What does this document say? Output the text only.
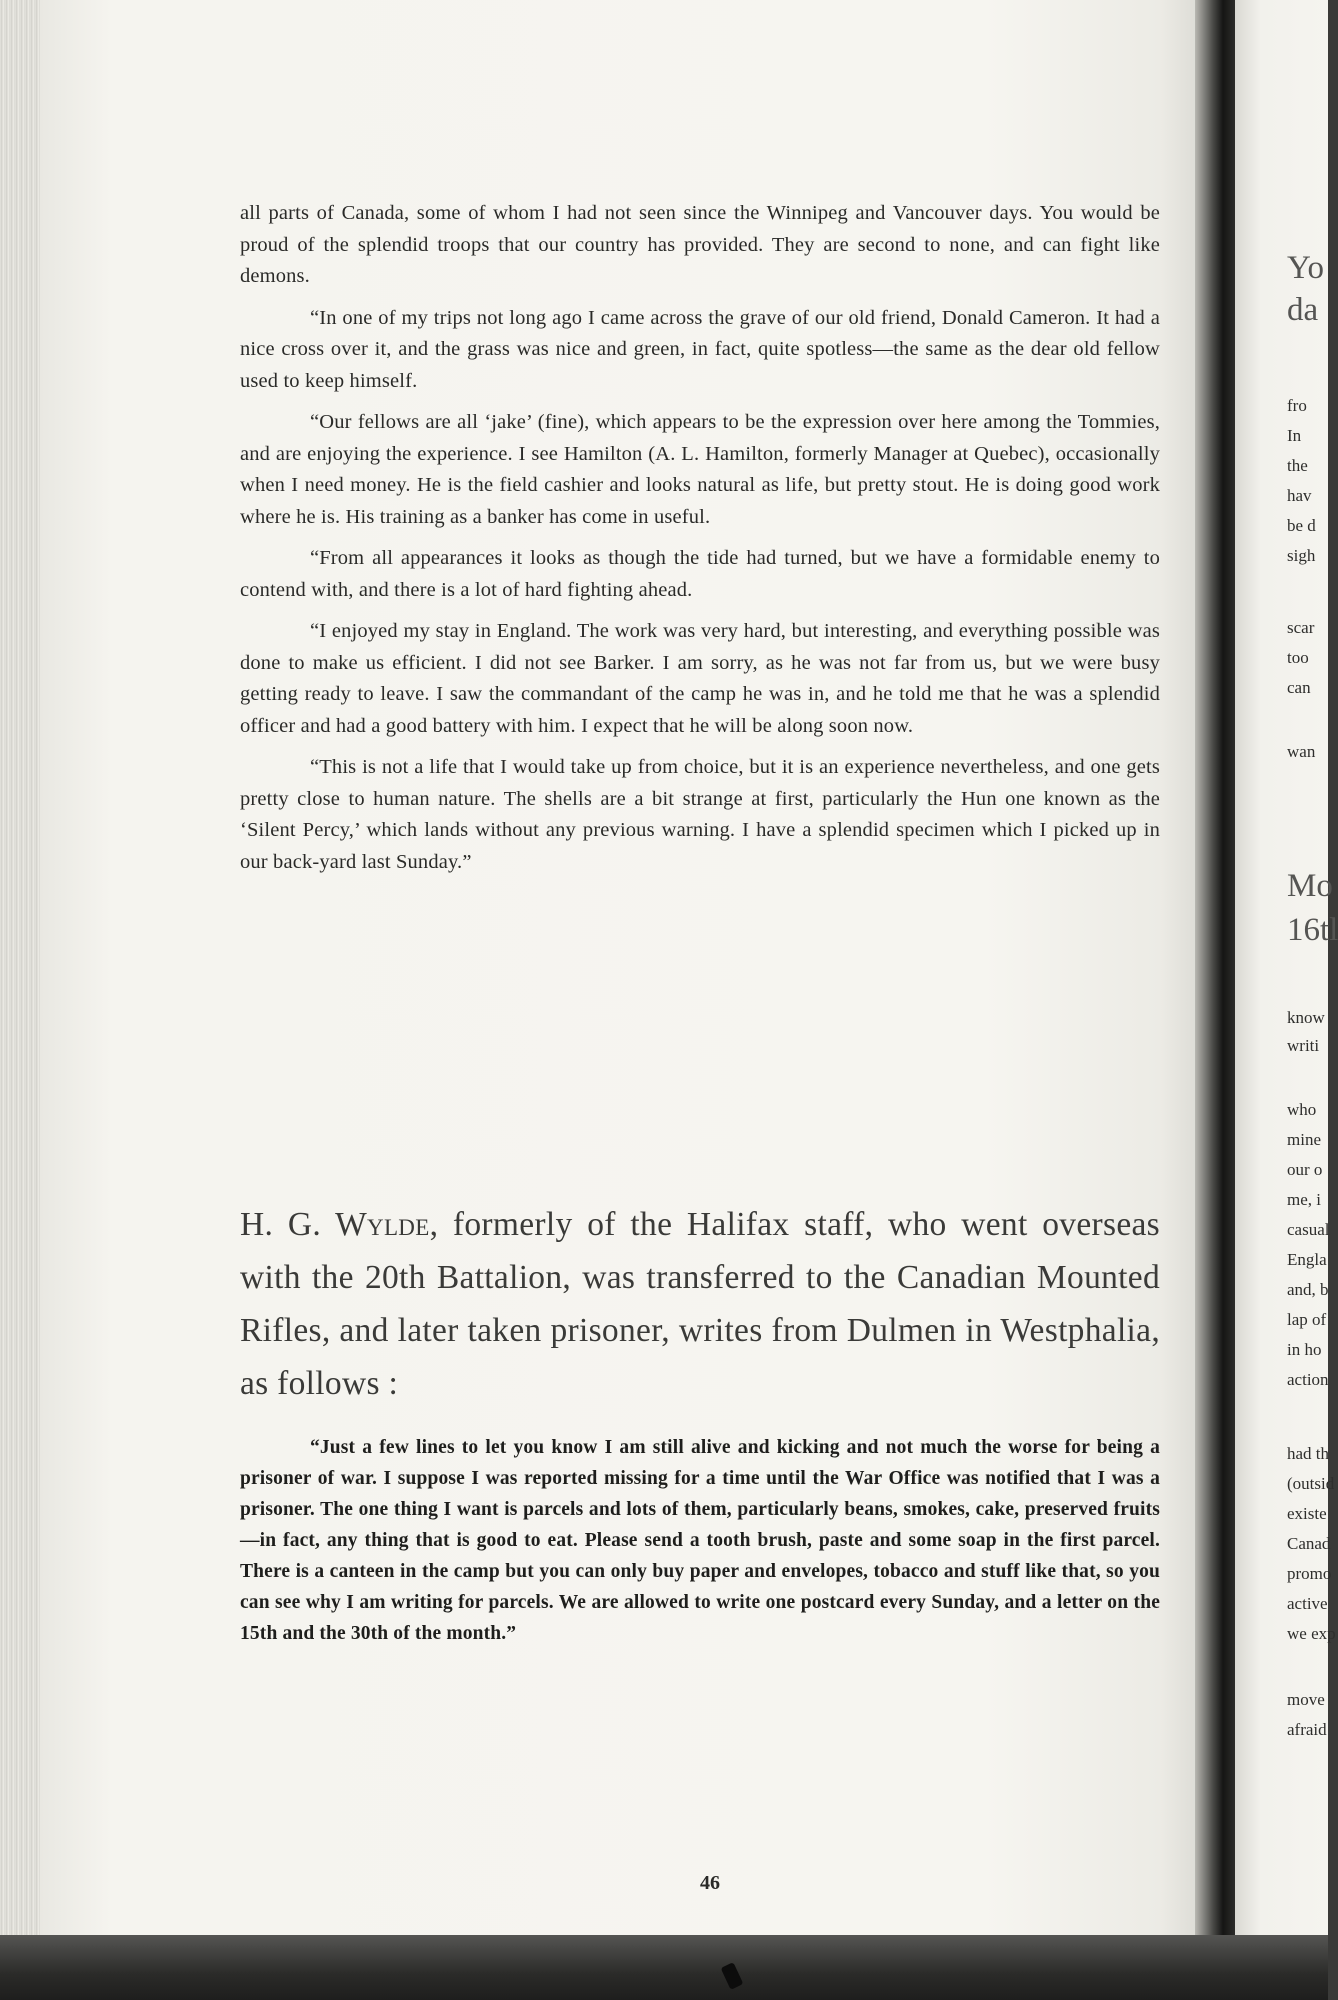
all parts of Canada, some of whom I had not seen since the Winnipeg and Vancouver days. You would be proud of the splendid troops that our country has provided. They are second to none, and can fight like demons.

“In one of my trips not long ago I came across the grave of our old friend, Donald Cameron. It had a nice cross over it, and the grass was nice and green, in fact, quite spotless—the same as the dear old fellow used to keep himself.

“Our fellows are all ‘jake’ (fine), which appears to be the expression over here among the Tommies, and are enjoying the experience. I see Hamilton (A. L. Hamilton, formerly Manager at Quebec), occasionally when I need money. He is the field cashier and looks natural as life, but pretty stout. He is doing good work where he is. His training as a banker has come in useful.

“From all appearances it looks as though the tide had turned, but we have a formidable enemy to contend with, and there is a lot of hard fighting ahead.

“I enjoyed my stay in England. The work was very hard, but interesting, and everything possible was done to make us efficient. I did not see Barker. I am sorry, as he was not far from us, but we were busy getting ready to leave. I saw the commandant of the camp he was in, and he told me that he was a splendid officer and had a good battery with him. I expect that he will be along soon now.

“This is not a life that I would take up from choice, but it is an experience nevertheless, and one gets pretty close to human nature. The shells are a bit strange at first, particularly the Hun one known as the ‘Silent Percy,’ which lands without any previous warning. I have a splendid specimen which I picked up in our back-yard last Sunday.”

H. G. Wylde, formerly of the Halifax staff, who went overseas with the 20th Battalion, was transferred to the Canadian Mounted Rifles, and later taken prisoner, writes from Dulmen in Westphalia, as follows :

“Just a few lines to let you know I am still alive and kicking and not much the worse for being a prisoner of war. I suppose I was reported missing for a time until the War Office was notified that I was a prisoner. The one thing I want is parcels and lots of them, particularly beans, smokes, cake, preserved fruits—in fact, any thing that is good to eat. Please send a tooth brush, paste and some soap in the first parcel. There is a canteen in the camp but you can only buy paper and envelopes, tobacco and stuff like that, so you can see why I am writing for parcels. We are allowed to write one postcard every Sunday, and a letter on the 15th and the 30th of the month.”

46
Yo
da
fro
In
the
hav
be d
sigh
scar
too
can
wan
Mo
16tl
know
writi
who
mine
our o
me, i
casual
Engla
and, b
lap of
in ho
action
had th
(outsid
existe
Canad
promo
active
we exp
move
afraid
